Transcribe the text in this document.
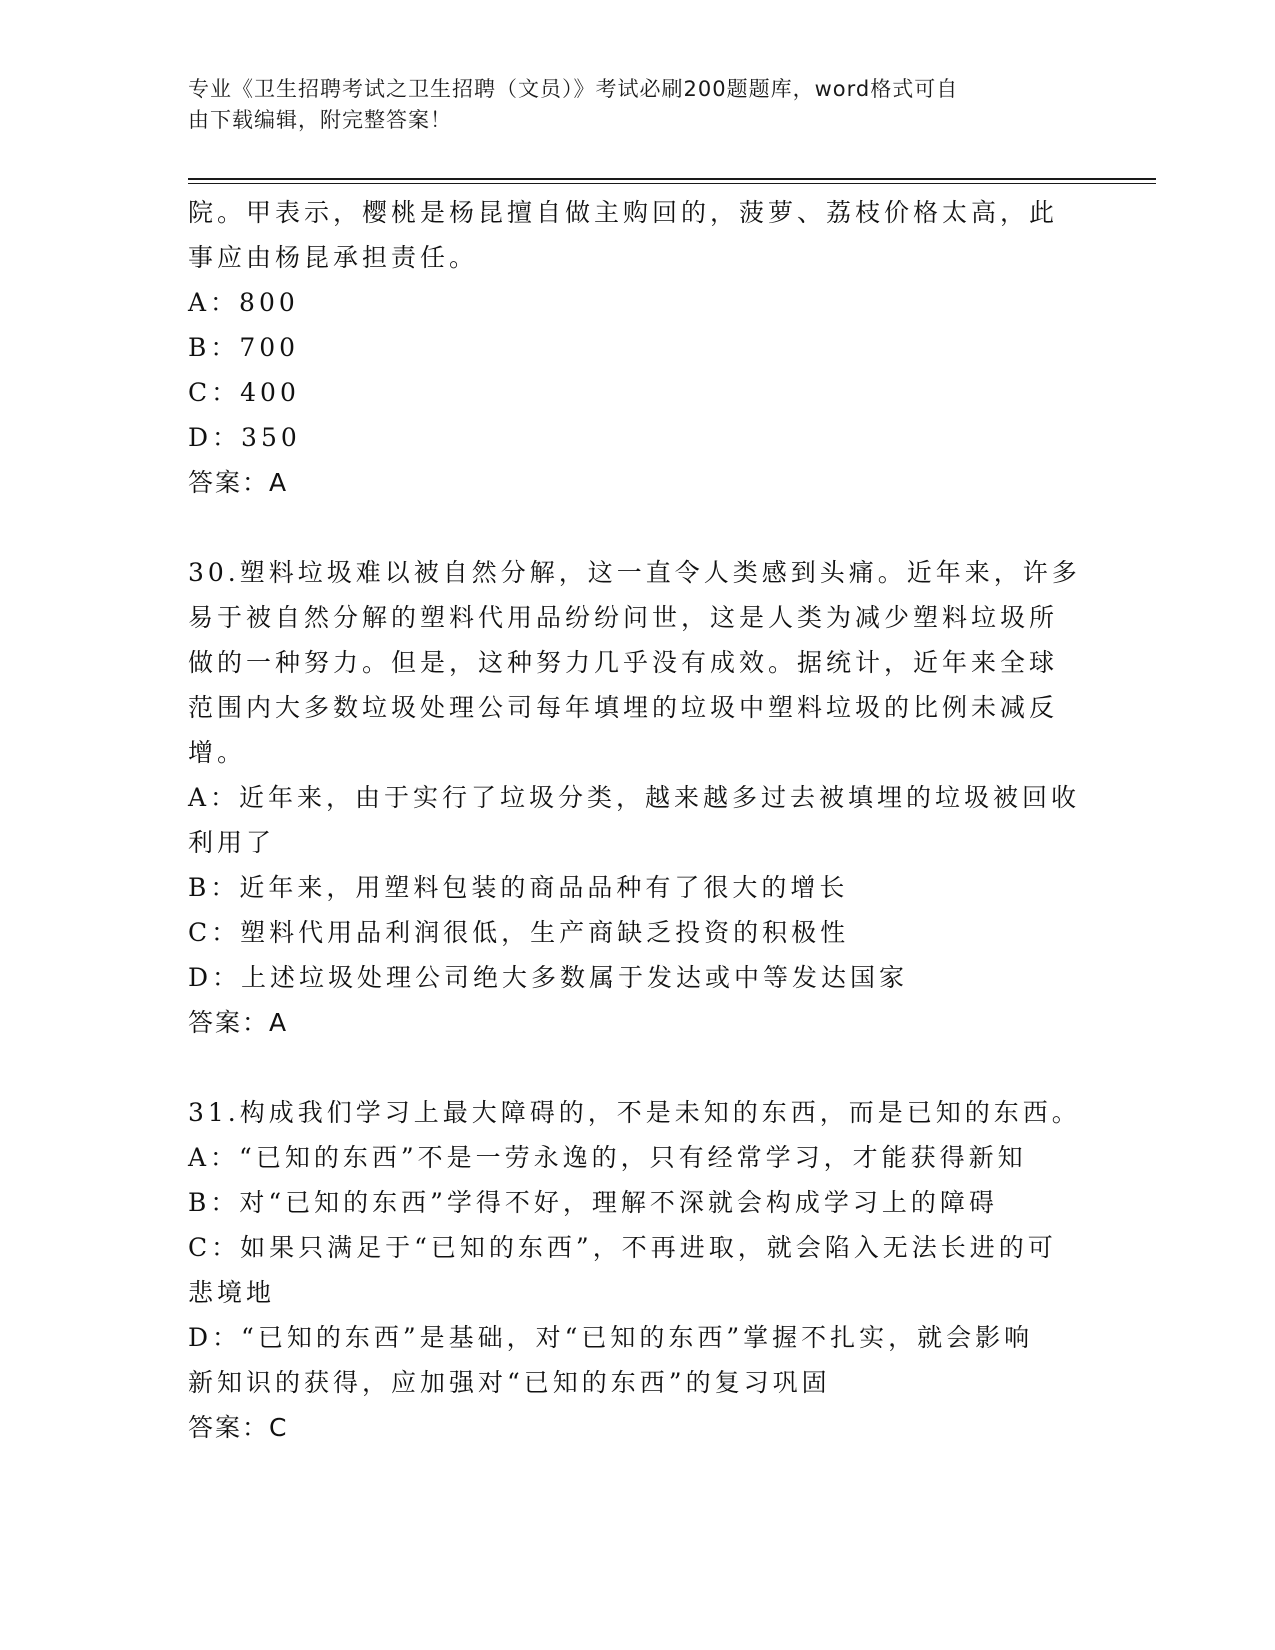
专业《卫生招聘考试之卫生招聘（文员）》考试必刷200题题库，word格式可自
由下载编辑，附完整答案！
院。甲表示，樱桃是杨昆擅自做主购回的，菠萝、荔枝价格太高，此
事应由杨昆承担责任。
A：800
B：700
C：400
D：350
答案：A
30.塑料垃圾难以被自然分解，这一直令人类感到头痛。近年来，许多
易于被自然分解的塑料代用品纷纷问世，这是人类为减少塑料垃圾所
做的一种努力。但是，这种努力几乎没有成效。据统计，近年来全球
范围内大多数垃圾处理公司每年填埋的垃圾中塑料垃圾的比例未减反
增。
A：近年来，由于实行了垃圾分类，越来越多过去被填埋的垃圾被回收
利用了
B：近年来，用塑料包装的商品品种有了很大的增长
C：塑料代用品利润很低，生产商缺乏投资的积极性
D：上述垃圾处理公司绝大多数属于发达或中等发达国家
答案：A
31.构成我们学习上最大障碍的，不是未知的东西，而是已知的东西。
A：“已知的东西”不是一劳永逸的，只有经常学习，才能获得新知
B：对“已知的东西”学得不好，理解不深就会构成学习上的障碍
C：如果只满足于“已知的东西”，不再进取，就会陷入无法长进的可
悲境地
D：“已知的东西”是基础，对“已知的东西”掌握不扎实，就会影响
新知识的获得，应加强对“已知的东西”的复习巩固
答案：C
